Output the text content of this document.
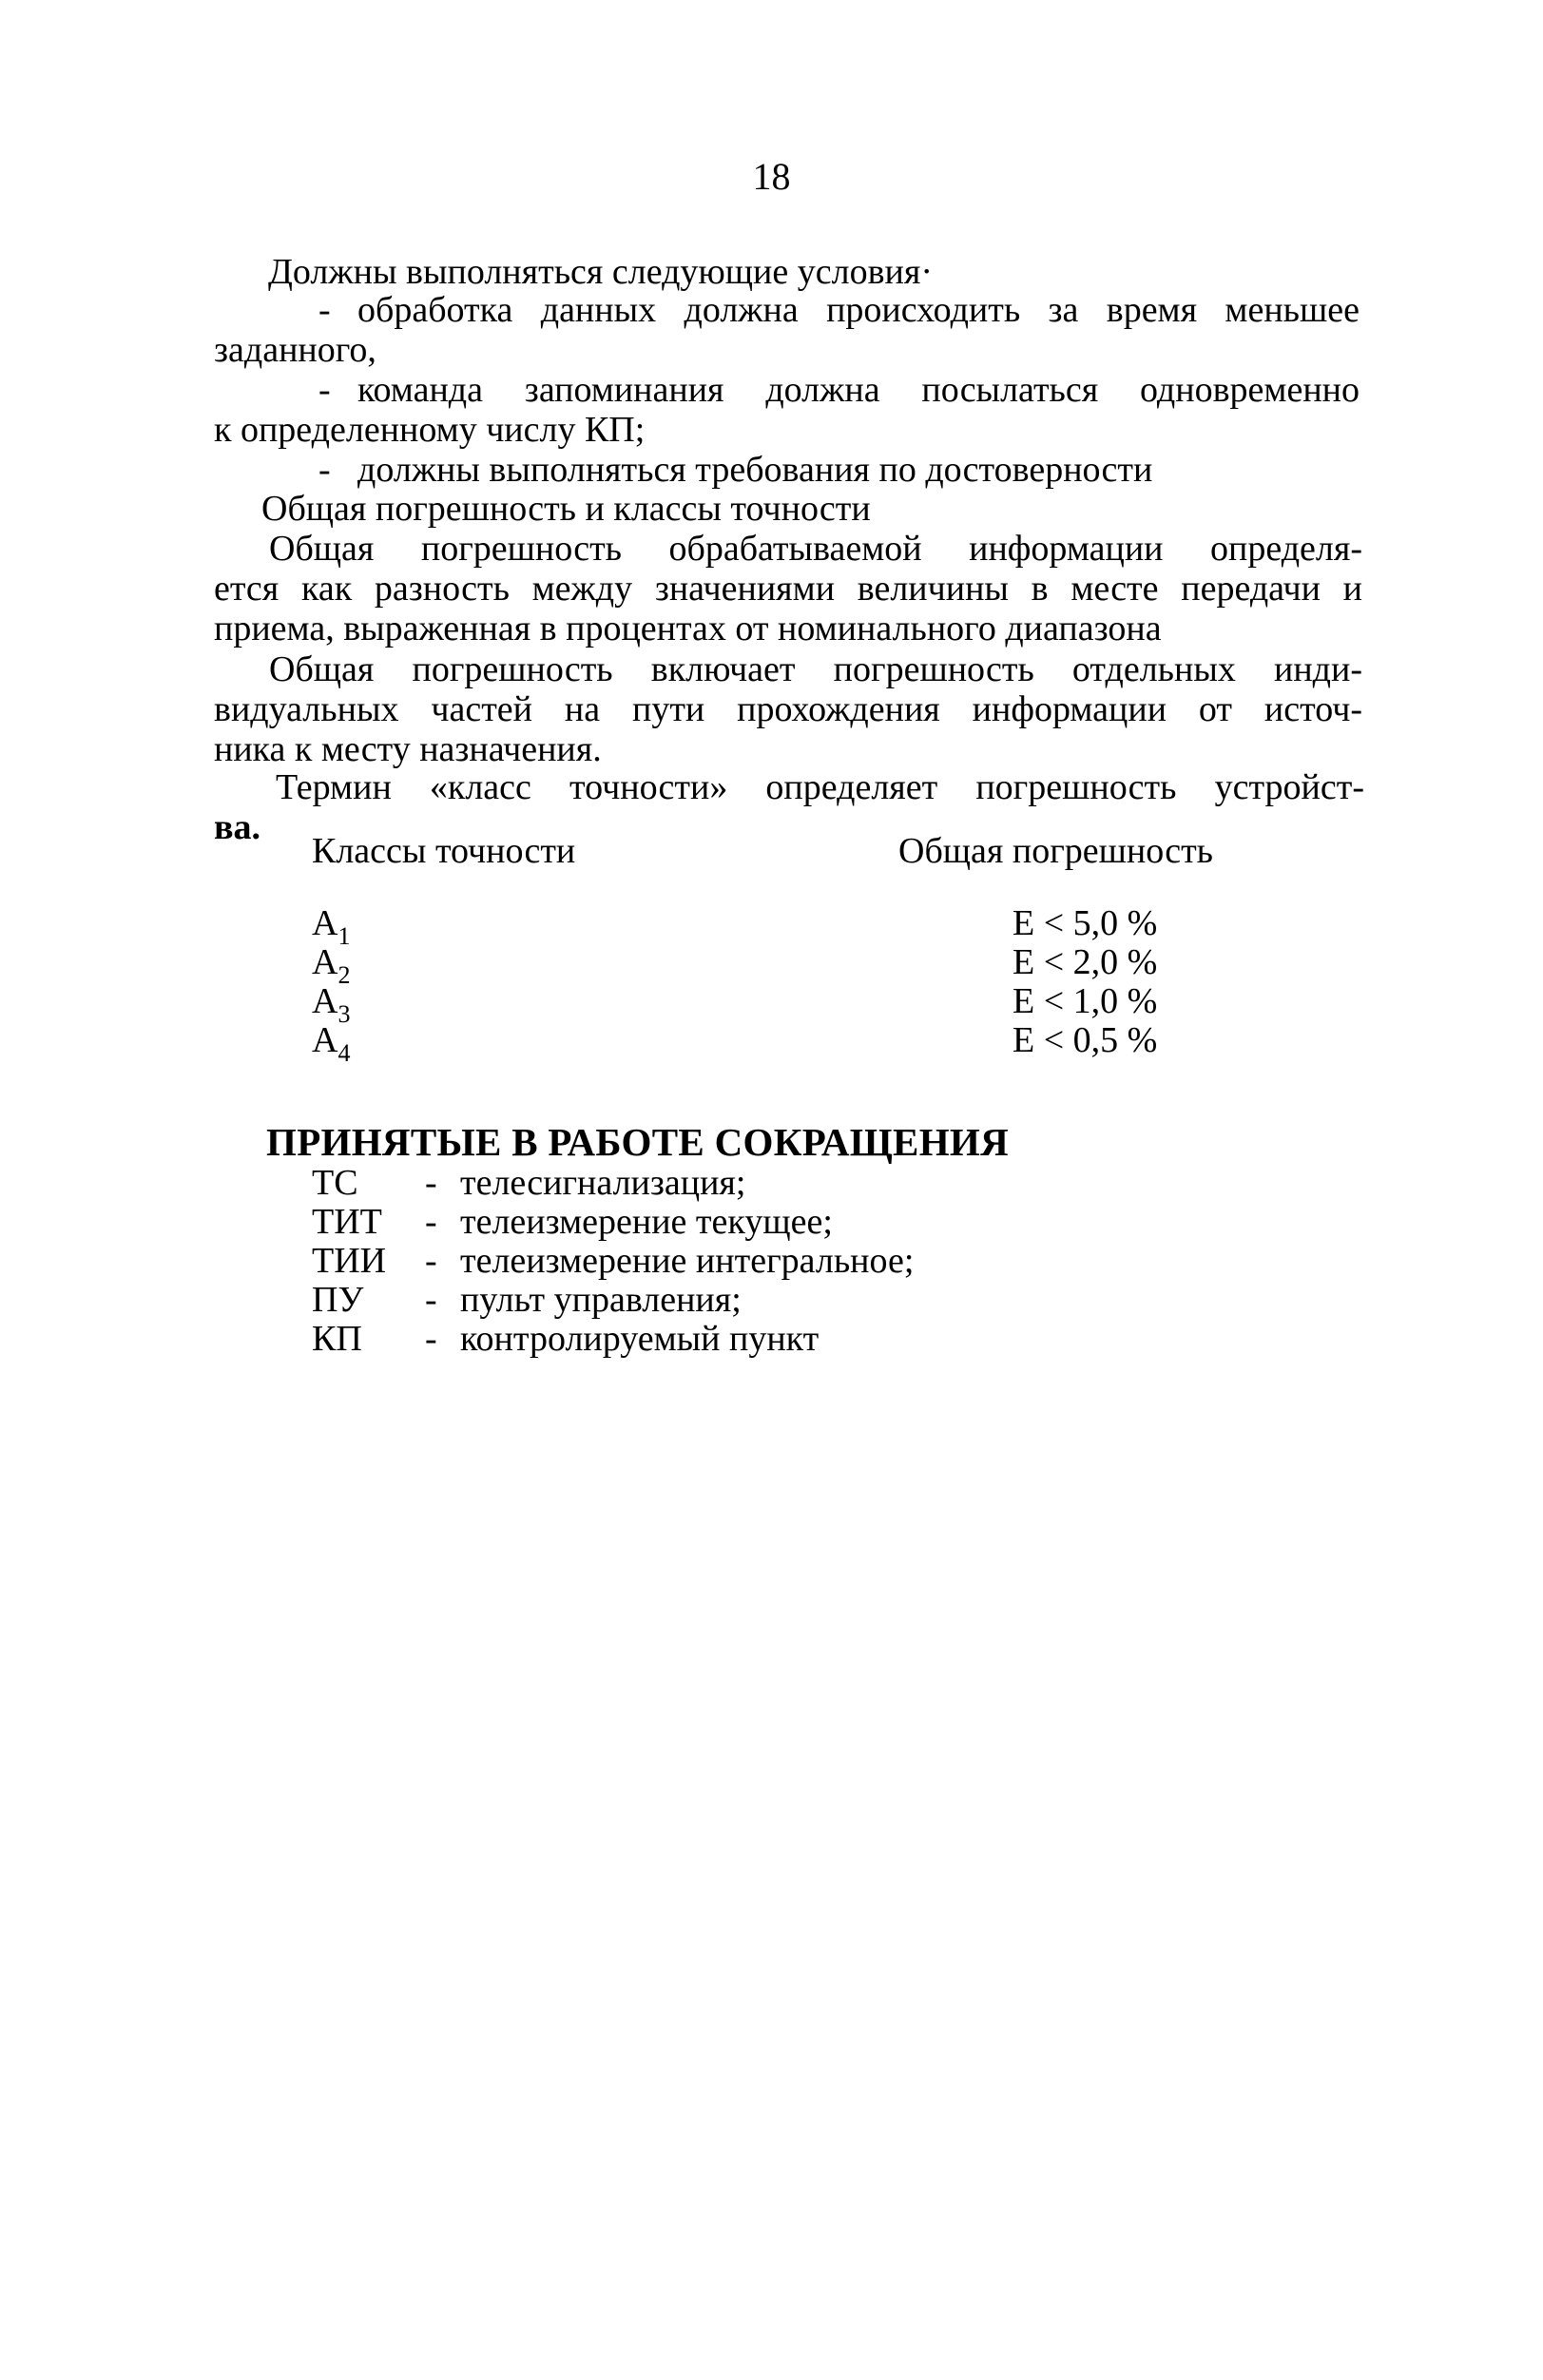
18
Должны выполняться следующие условия·
- обработка данных должна происходить за время меньшее
заданного,
- команда запоминания должна посылаться одновременно
к определенному числу КП;
- должны выполняться требования по достоверности
Общая погрешность и классы точности
Общая погрешность обрабатываемой информации определя-
ется как разность между значениями величины в месте передачи и
приема, выраженная в процентах от номинального диапазона
Общая погрешность включает погрешность отдельных инди-
видуальных частей на пути прохождения информации от источ-
ника к месту назначения.
Термин «класс точности» определяет погрешность устройст-
ва.
Классы точности	Общая погрешность
$A_1$	E < 5,0 %
$A_2$	E < 2,0 %
$A_3$	E < 1,0 %
$A_4$	E < 0,5 %
ПРИНЯТЫЕ В РАБОТЕ СОКРАЩЕНИЯ
ТС	- телесигнализация;
ТИТ	- телеизмерение текущее;
ТИИ	- телеизмерение интегральное;
ПУ	- пульт управления;
КП	- контролируемый пункт
